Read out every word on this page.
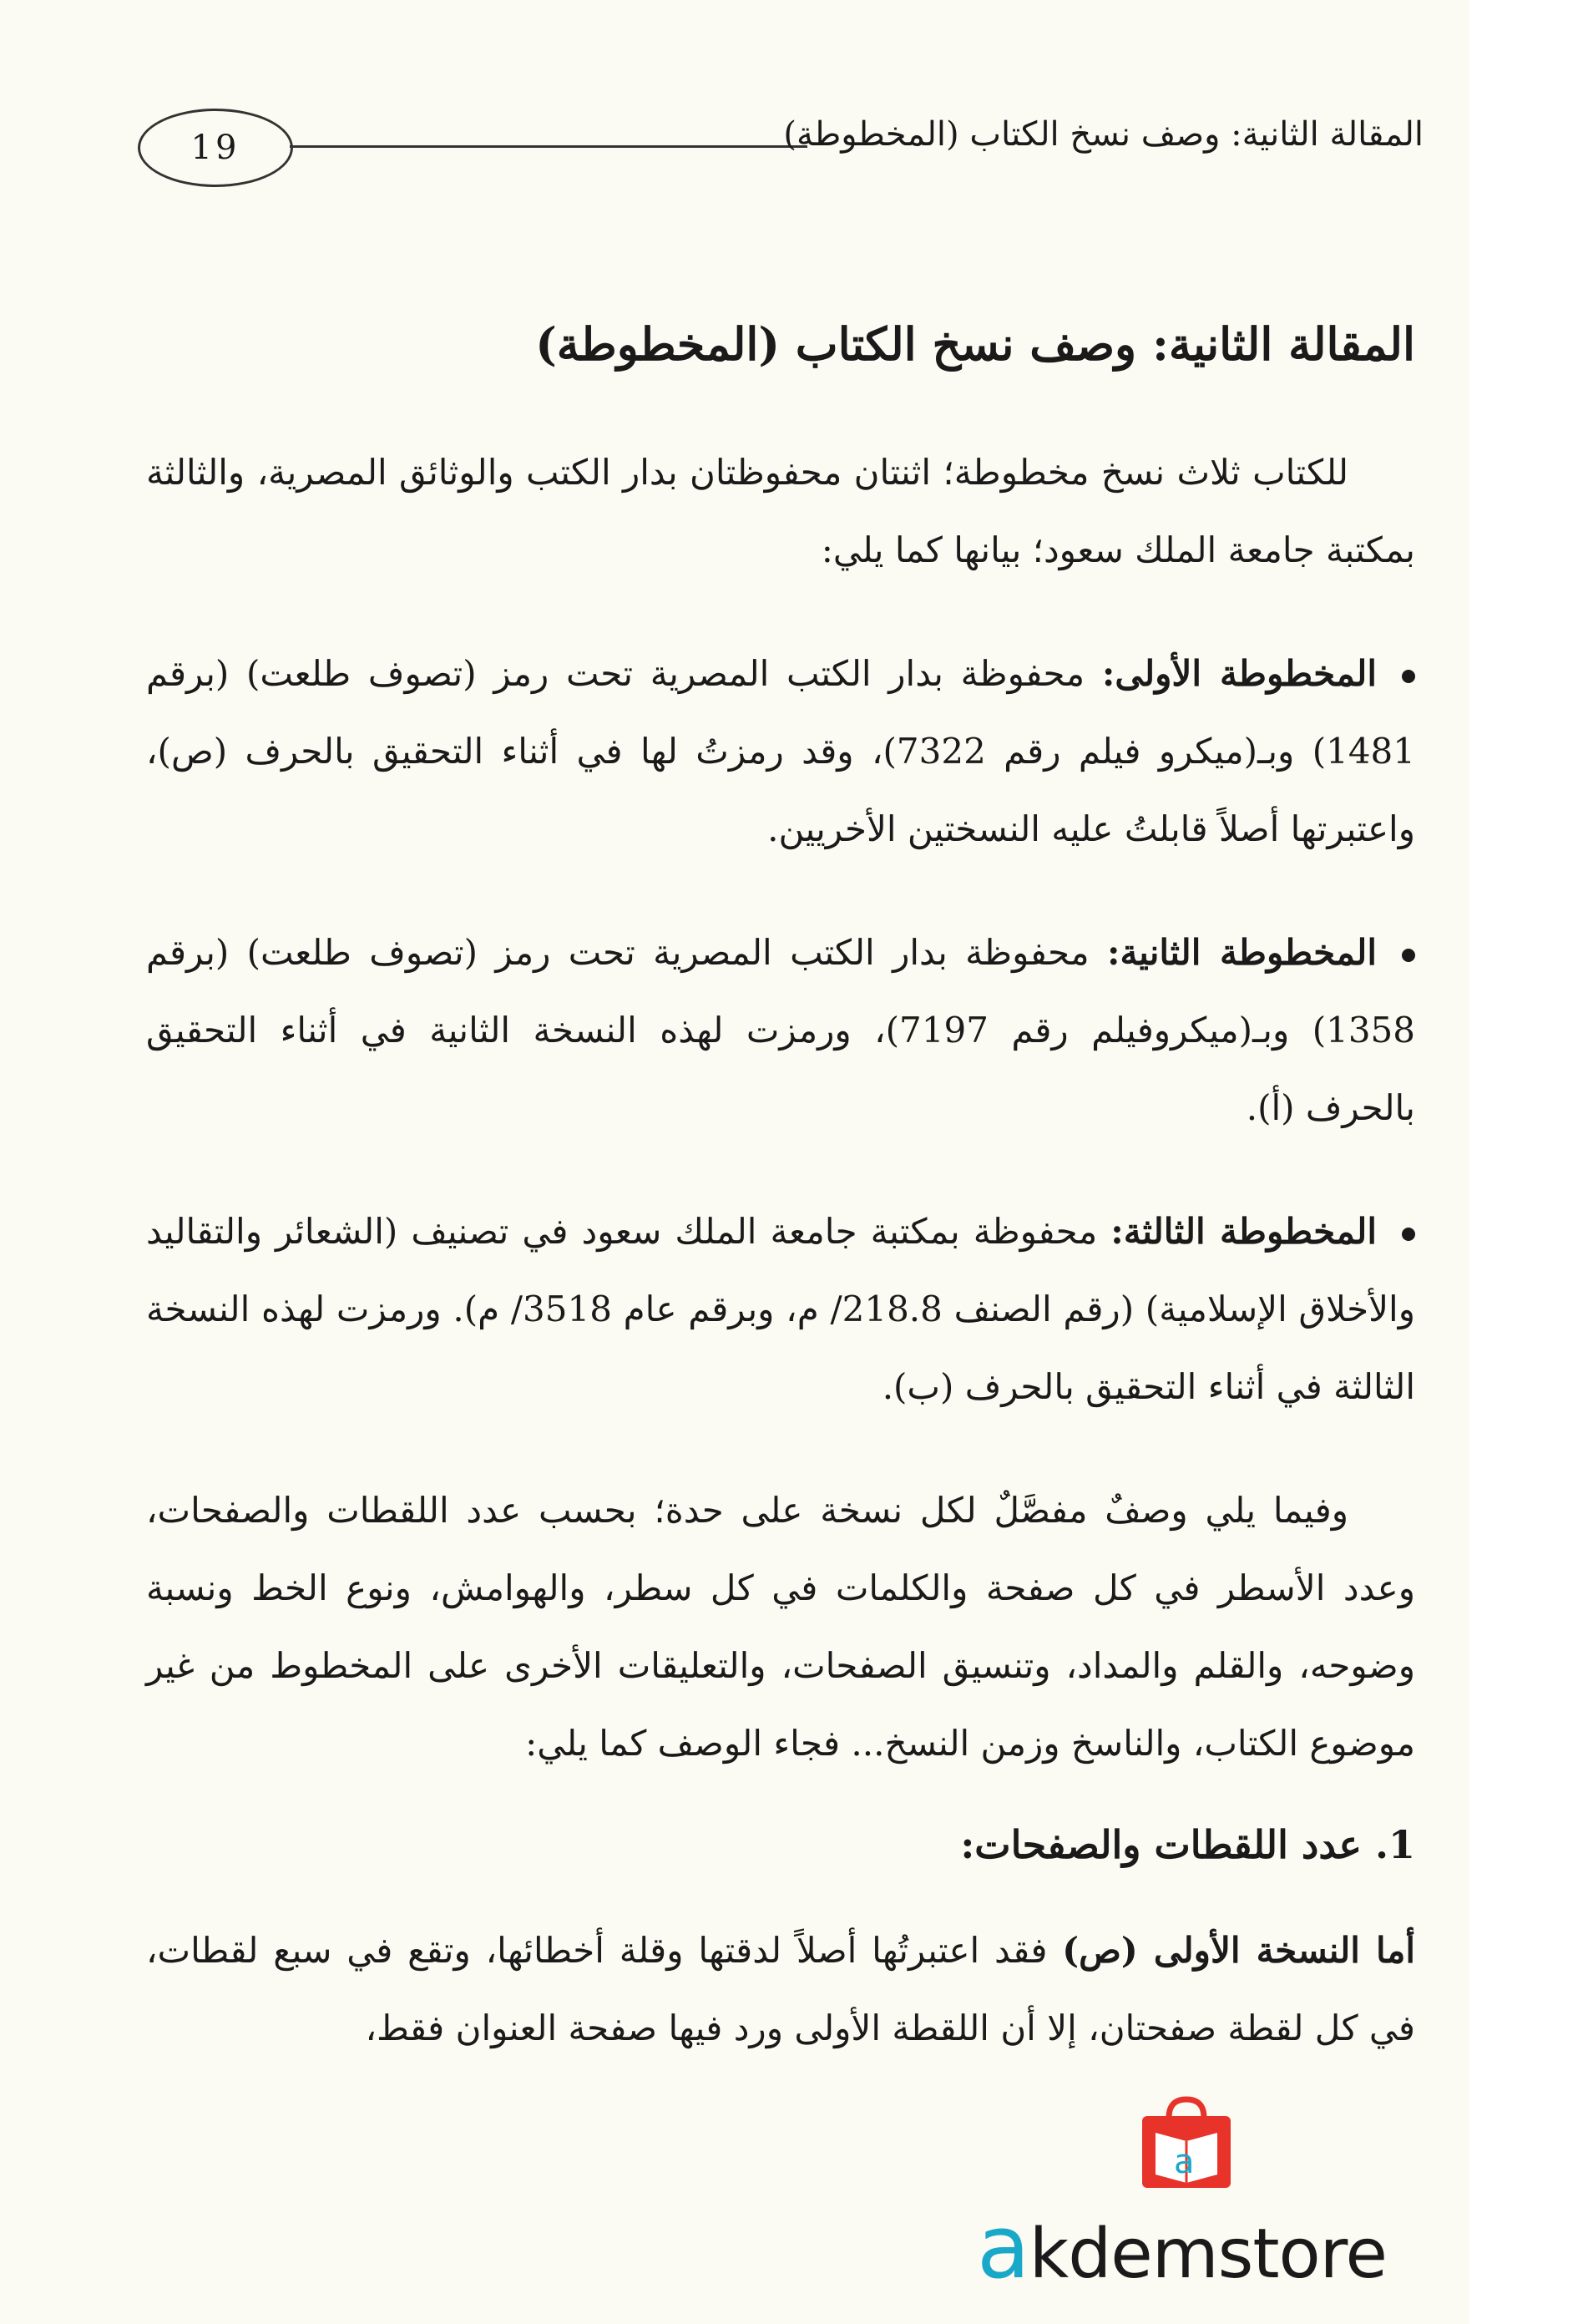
19	المقالة الثانية: وصف نسخ الكتاب (المخطوطة)
المقالة الثانية: وصف نسخ الكتاب (المخطوطة)

للكتاب ثلاث نسخ مخطوطة؛ اثنتان محفوظتان بدار الكتب والوثائق المصرية، والثالثة بمكتبة جامعة الملك سعود؛ بيانها كما يلي:

المخطوطة الأولى: محفوظة بدار الكتب المصرية تحت رمز (تصوف طلعت) (برقم 1481) وبـ(ميكرو فيلم رقم 7322)، وقد رمزتُ لها في أثناء التحقيق بالحرف (ص)، واعتبرتها أصلاً قابلتُ عليه النسختين الأخريين.

المخطوطة الثانية: محفوظة بدار الكتب المصرية تحت رمز (تصوف طلعت) (برقم 1358) وبـ(ميكروفيلم رقم 7197)، ورمزت لهذه النسخة الثانية في أثناء التحقيق بالحرف (أ).

المخطوطة الثالثة: محفوظة بمكتبة جامعة الملك سعود في تصنيف (الشعائر والتقاليد والأخلاق الإسلامية) (رقم الصنف 218.8/ م، وبرقم عام 3518/ م). ورمزت لهذه النسخة الثالثة في أثناء التحقيق بالحرف (ب).

وفيما يلي وصفٌ مفصَّلٌ لكل نسخة على حدة؛ بحسب عدد اللقطات والصفحات، وعدد الأسطر في كل صفحة والكلمات في كل سطر، والهوامش، ونوع الخط ونسبة وضوحه، والقلم والمداد، وتنسيق الصفحات، والتعليقات الأخرى على المخطوط من غير موضوع الكتاب، والناسخ وزمن النسخ... فجاء الوصف كما يلي:

1. عدد اللقطات والصفحات:

أما النسخة الأولى (ص) فقد اعتبرتُها أصلاً لدقتها وقلة أخطائها، وتقع في سبع لقطات، في كل لقطة صفحتان، إلا أن اللقطة الأولى ورد فيها صفحة العنوان فقط،

a
akdemstore
